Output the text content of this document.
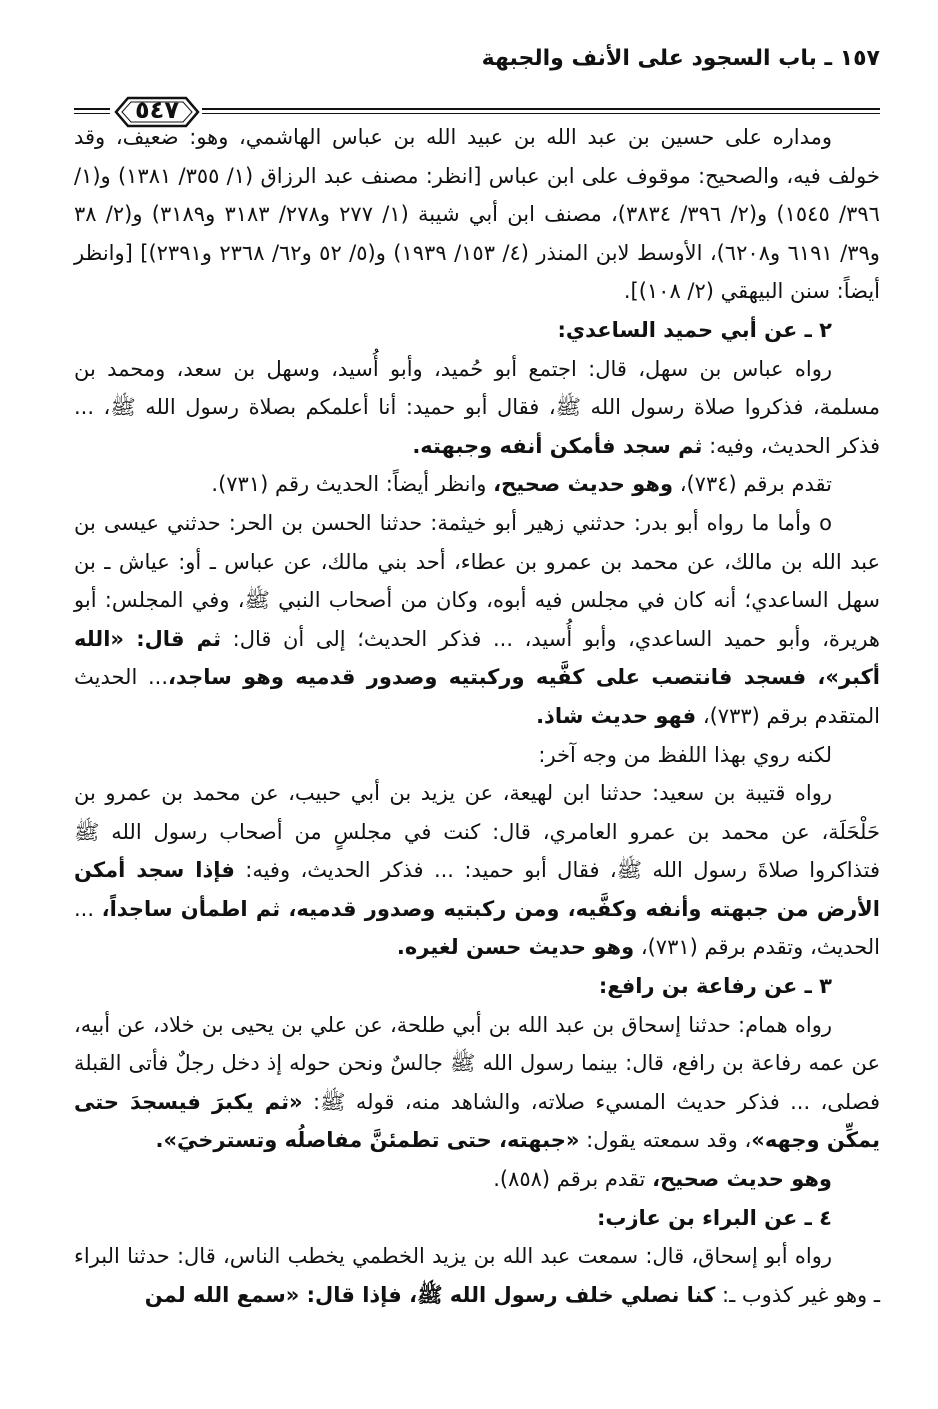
١٥٧ ـ باب السجود على الأنف والجبهة
٥٤٧

ومداره على حسين بن عبد الله بن عبيد الله بن عباس الهاشمي، وهو: ضعيف، وقد خولف فيه، والصحيح: موقوف على ابن عباس [انظر: مصنف عبد الرزاق (١/ ٣٥٥/ ١٣٨١) و(١/ ٣٩٦/ ١٥٤٥) و(٢/ ٣٩٦/ ٣٨٣٤)، مصنف ابن أبي شيبة (١/ ٢٧٧ و٢٧٨/ ٣١٨٣ و٣١٨٩) و(٢/ ٣٨ و٣٩/ ٦١٩١ و٦٢٠٨)، الأوسط لابن المنذر (٤/ ١٥٣/ ١٩٣٩) و(٥/ ٥٢ و٦٢/ ٢٣٦٨ و٢٣٩١)] [وانظر أيضاً: سنن البيهقي (٢/ ١٠٨)].

٢ ـ عن أبي حميد الساعدي:

رواه عباس بن سهل، قال: اجتمع أبو حُميد، وأبو أُسيد، وسهل بن سعد، ومحمد بن مسلمة، فذكروا صلاة رسول الله ﷺ، فقال أبو حميد: أنا أعلمكم بصلاة رسول الله ﷺ، ... فذكر الحديث، وفيه: ثم سجد فأمكن أنفه وجبهته.

تقدم برقم (٧٣٤)، وهو حديث صحيح، وانظر أيضاً: الحديث رقم (٧٣١).

o وأما ما رواه أبو بدر: حدثني زهير أبو خيثمة: حدثنا الحسن بن الحر: حدثني عيسى بن عبد الله بن مالك، عن محمد بن عمرو بن عطاء، أحد بني مالك، عن عباس ـ أو: عياش ـ بن سهل الساعدي؛ أنه كان في مجلس فيه أبوه، وكان من أصحاب النبي ﷺ، وفي المجلس: أبو هريرة، وأبو حميد الساعدي، وأبو أُسيد، ... فذكر الحديث؛ إلى أن قال: ثم قال: «الله أكبر»، فسجد فانتصب على كفَّيه وركبتيه وصدور قدميه وهو ساجد،... الحديث المتقدم برقم (٧٣٣)، فهو حديث شاذ.

لكنه روي بهذا اللفظ من وجه آخر:

رواه قتيبة بن سعيد: حدثنا ابن لهيعة، عن يزيد بن أبي حبيب، عن محمد بن عمرو بن حَلْحَلَة، عن محمد بن عمرو العامري، قال: كنت في مجلسٍ من أصحاب رسول الله ﷺ فتذاكروا صلاةَ رسول الله ﷺ، فقال أبو حميد: ... فذكر الحديث، وفيه: فإذا سجد أمكن الأرض من جبهته وأنفه وكفَّيه، ومن ركبتيه وصدور قدميه، ثم اطمأن ساجداً، ... الحديث، وتقدم برقم (٧٣١)، وهو حديث حسن لغيره.

٣ ـ عن رفاعة بن رافع:

رواه همام: حدثنا إسحاق بن عبد الله بن أبي طلحة، عن علي بن يحيى بن خلاد، عن أبيه، عن عمه رفاعة بن رافع، قال: بينما رسول الله ﷺ جالسٌ ونحن حوله إذ دخل رجلٌ فأتى القبلة فصلى، ... فذكر حديث المسيء صلاته، والشاهد منه، قوله ﷺ: «ثم يكبرَ فيسجدَ حتى يمكِّن وجهه»، وقد سمعته يقول: «جبهته، حتى تطمئنَّ مفاصلُه وتسترخيَ».

وهو حديث صحيح، تقدم برقم (٨٥٨).

٤ ـ عن البراء بن عازب:

رواه أبو إسحاق، قال: سمعت عبد الله بن يزيد الخطمي يخطب الناس، قال: حدثنا البراء ـ وهو غير كذوب ـ: كنا نصلي خلف رسول الله ﷺ، فإذا قال: «سمع الله لمن
